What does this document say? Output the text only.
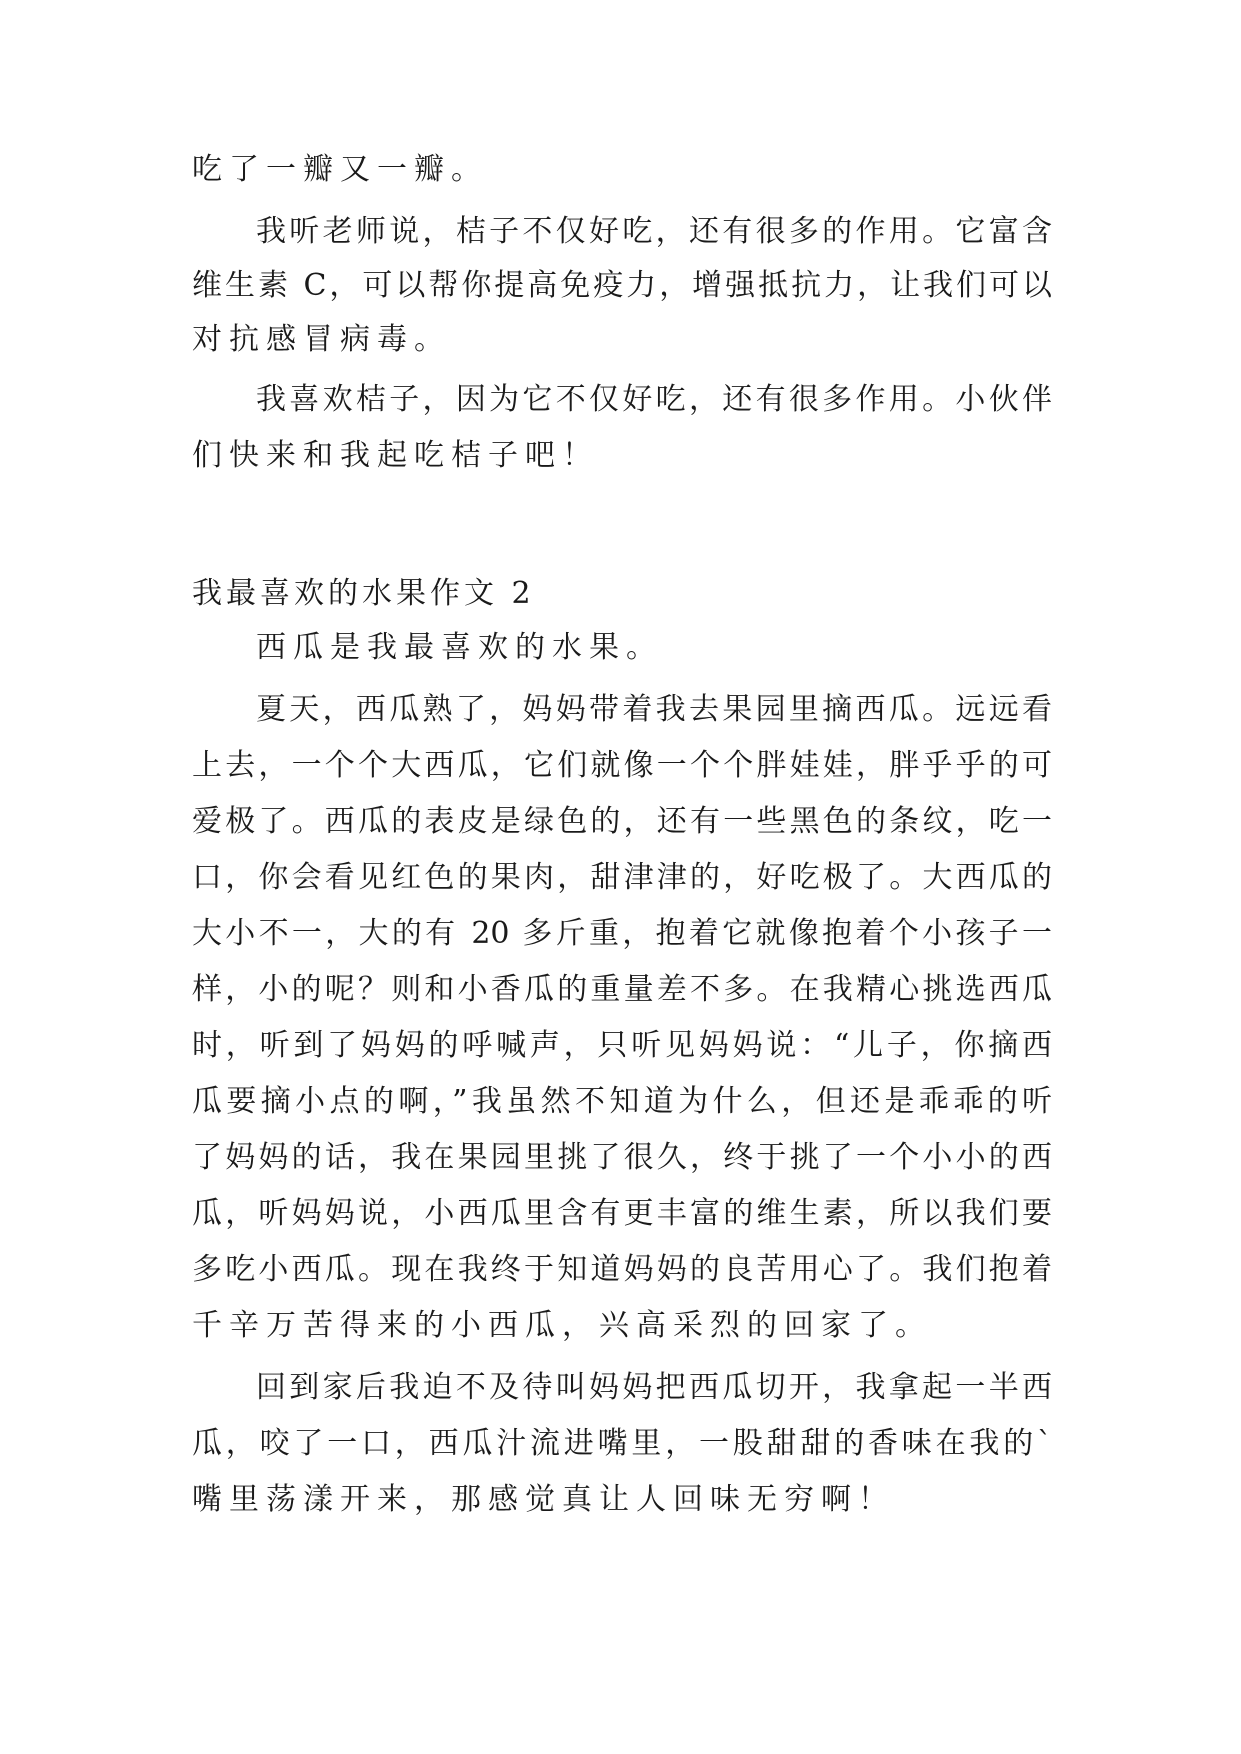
吃了一瓣又一瓣。
我听老师说，桔子不仅好吃，还有很多的作用。它富含
维生素 C，可以帮你提高免疫力，增强抵抗力，让我们可以
对抗感冒病毒。
我喜欢桔子，因为它不仅好吃，还有很多作用。小伙伴
们快来和我起吃桔子吧！
我最喜欢的水果作文 2
西瓜是我最喜欢的水果。
夏天，西瓜熟了，妈妈带着我去果园里摘西瓜。远远看
上去，一个个大西瓜，它们就像一个个胖娃娃，胖乎乎的可
爱极了。西瓜的表皮是绿色的，还有一些黑色的条纹，吃一
口，你会看见红色的果肉，甜津津的，好吃极了。大西瓜的
大小不一，大的有 20 多斤重，抱着它就像抱着个小孩子一
样，小的呢？则和小香瓜的重量差不多。在我精心挑选西瓜
时，听到了妈妈的呼喊声，只听见妈妈说：“儿子，你摘西
瓜要摘小点的啊，”我虽然不知道为什么，但还是乖乖的听
了妈妈的话，我在果园里挑了很久，终于挑了一个小小的西
瓜，听妈妈说，小西瓜里含有更丰富的维生素，所以我们要
多吃小西瓜。现在我终于知道妈妈的良苦用心了。我们抱着
千辛万苦得来的小西瓜，兴高采烈的回家了。
回到家后我迫不及待叫妈妈把西瓜切开，我拿起一半西
瓜，咬了一口，西瓜汁流进嘴里，一股甜甜的香味在我的`
嘴里荡漾开来，那感觉真让人回味无穷啊！
